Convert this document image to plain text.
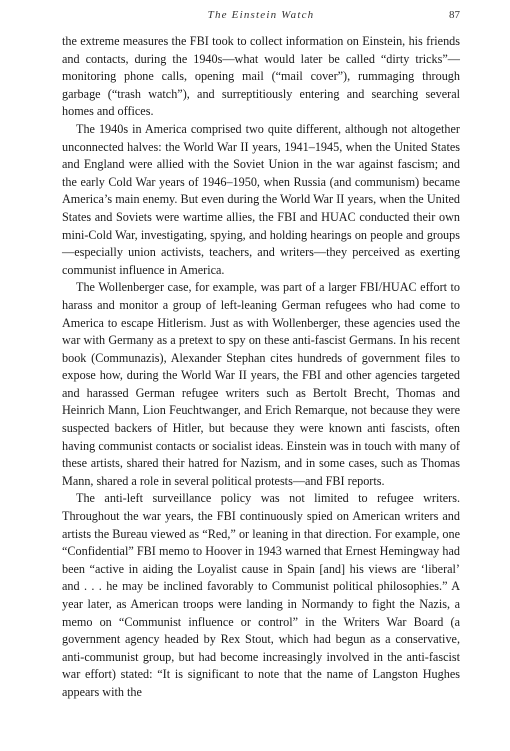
The Einstein Watch	87

the extreme measures the FBI took to collect information on Einstein, his friends and contacts, during the 1940s—what would later be called “dirty tricks”—monitoring phone calls, opening mail (“mail cover”), rummaging through garbage (“trash watch”), and surreptitiously entering and searching several homes and offices.

The 1940s in America comprised two quite different, although not altogether unconnected halves: the World War II years, 1941–1945, when the United States and England were allied with the Soviet Union in the war against fascism; and the early Cold War years of 1946–1950, when Russia (and communism) became America’s main enemy. But even during the World War II years, when the United States and Soviets were wartime allies, the FBI and HUAC conducted their own mini-Cold War, investigating, spying, and holding hearings on people and groups—especially union activists, teachers, and writers—they perceived as exerting communist influence in America.

The Wollenberger case, for example, was part of a larger FBI/HUAC effort to harass and monitor a group of left-leaning German refugees who had come to America to escape Hitlerism. Just as with Wollenberger, these agencies used the war with Germany as a pretext to spy on these anti-fascist Germans. In his recent book (Communazis), Alexander Stephan cites hundreds of government files to expose how, during the World War II years, the FBI and other agencies targeted and harassed German refugee writers such as Bertolt Brecht, Thomas and Heinrich Mann, Lion Feuchtwanger, and Erich Remarque, not because they were suspected backers of Hitler, but because they were known anti fascists, often having communist contacts or socialist ideas. Einstein was in touch with many of these artists, shared their hatred for Nazism, and in some cases, such as Thomas Mann, shared a role in several political protests—and FBI reports.

The anti-left surveillance policy was not limited to refugee writers. Throughout the war years, the FBI continuously spied on American writers and artists the Bureau viewed as “Red,” or leaning in that direction. For example, one “Confidential” FBI memo to Hoover in 1943 warned that Ernest Hemingway had been “active in aiding the Loyalist cause in Spain [and] his views are ‘liberal’ and . . . he may be inclined favorably to Communist political philosophies.” A year later, as American troops were landing in Normandy to fight the Nazis, a memo on “Communist influence or control” in the Writers War Board (a government agency headed by Rex Stout, which had begun as a conservative, anti-communist group, but had become increasingly involved in the anti-fascist war effort) stated: “It is significant to note that the name of Langston Hughes appears with the
